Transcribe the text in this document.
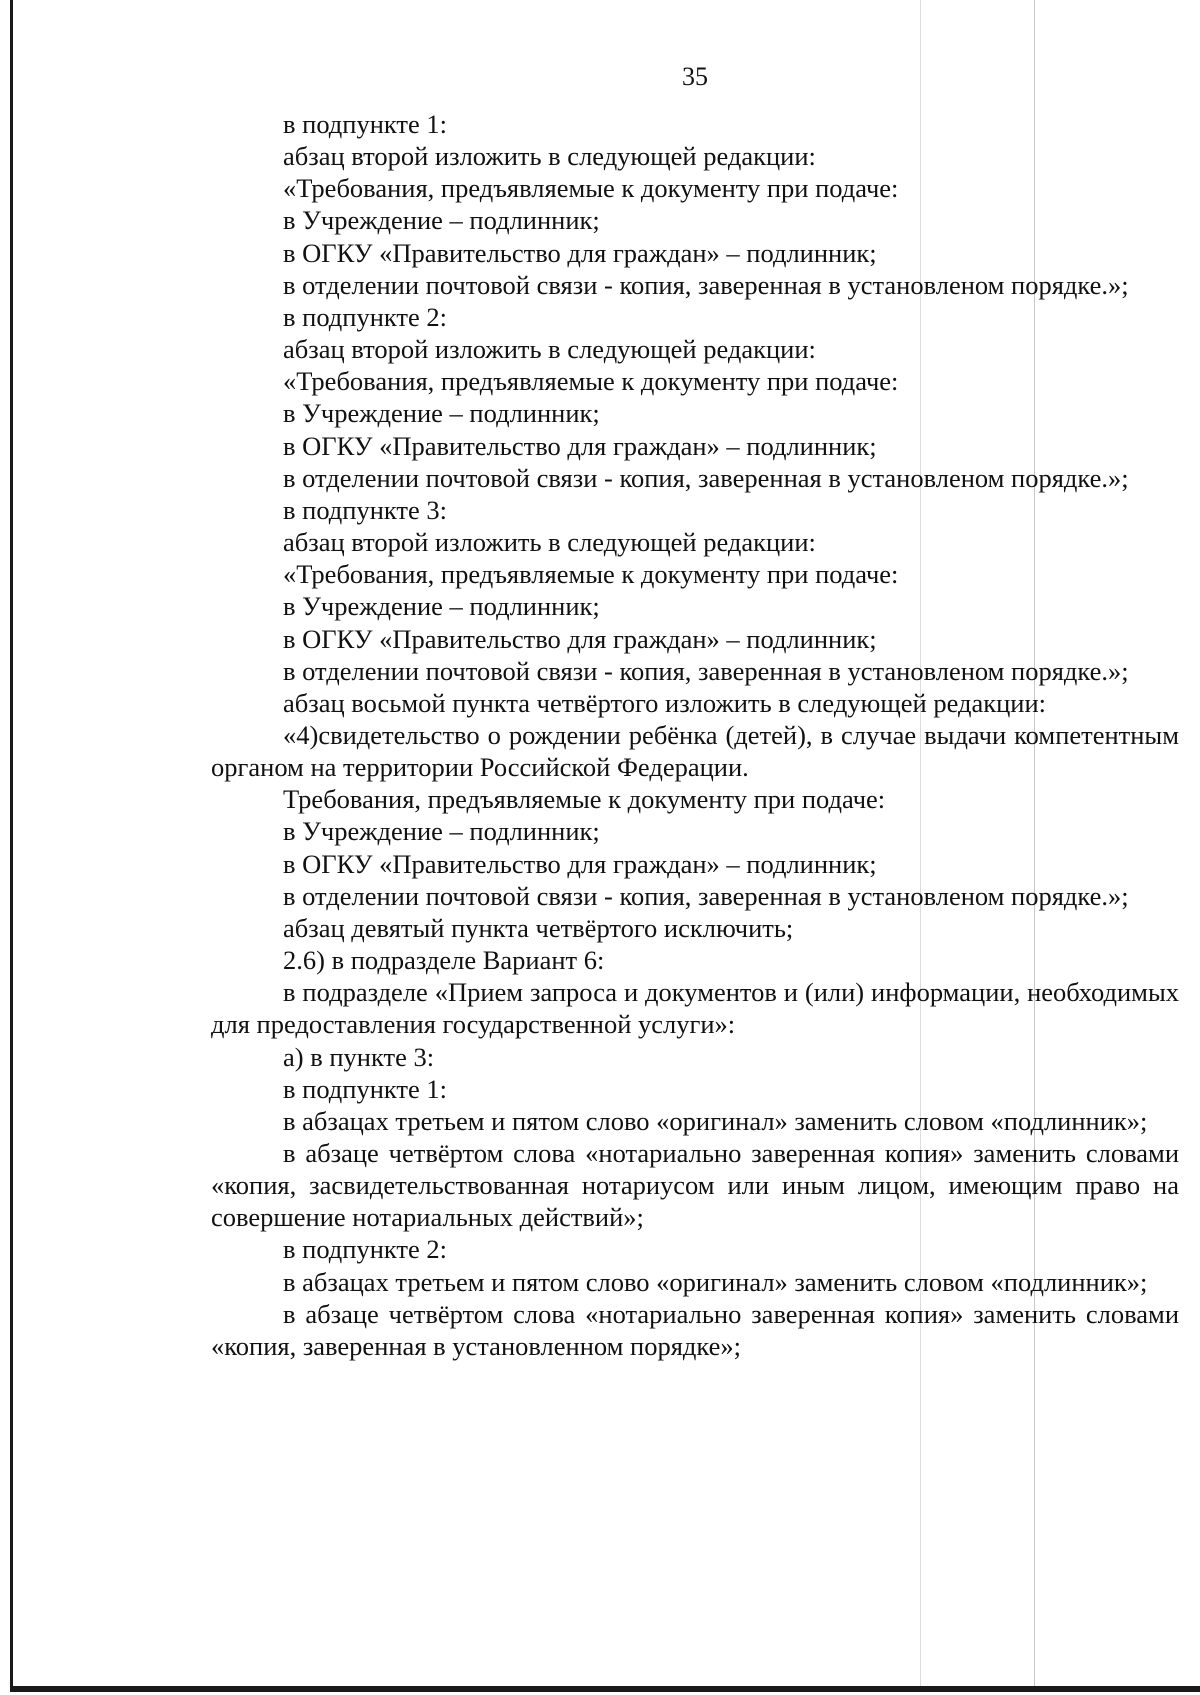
35

в подпункте 1:

абзац второй изложить в следующей редакции:

«Требования, предъявляемые к документу при подаче:

в Учреждение – подлинник;

в ОГКУ «Правительство для граждан» – подлинник;

в отделении почтовой связи - копия, заверенная в установленом порядке.»;

в подпункте 2:

абзац второй изложить в следующей редакции:

«Требования, предъявляемые к документу при подаче:

в Учреждение – подлинник;

в ОГКУ «Правительство для граждан» – подлинник;

в отделении почтовой связи - копия, заверенная в установленом порядке.»;

в подпункте 3:

абзац второй изложить в следующей редакции:

«Требования, предъявляемые к документу при подаче:

в Учреждение – подлинник;

в ОГКУ «Правительство для граждан» – подлинник;

в отделении почтовой связи - копия, заверенная в установленом порядке.»;

абзац восьмой пункта четвёртого изложить в следующей редакции:

«4)свидетельство о рождении ребёнка (детей), в случае выдачи компетентным органом на территории Российской Федерации.

Требования, предъявляемые к документу при подаче:

в Учреждение – подлинник;

в ОГКУ «Правительство для граждан» – подлинник;

в отделении почтовой связи - копия, заверенная в установленом порядке.»;

абзац девятый пункта четвёртого исключить;

2.6) в подразделе Вариант 6:

в подразделе «Прием запроса и документов и (или) информации, необходимых для предоставления государственной услуги»:

а) в пункте 3:

в подпункте 1:

в абзацах третьем и пятом слово «оригинал» заменить словом «подлинник»;

в абзаце четвёртом слова «нотариально заверенная копия» заменить словами «копия, засвидетельствованная нотариусом или иным лицом, имеющим право на совершение нотариальных действий»;

в подпункте 2:

в абзацах третьем и пятом слово «оригинал» заменить словом «подлинник»;

в абзаце четвёртом слова «нотариально заверенная копия» заменить словами «копия, заверенная в установленном порядке»;
